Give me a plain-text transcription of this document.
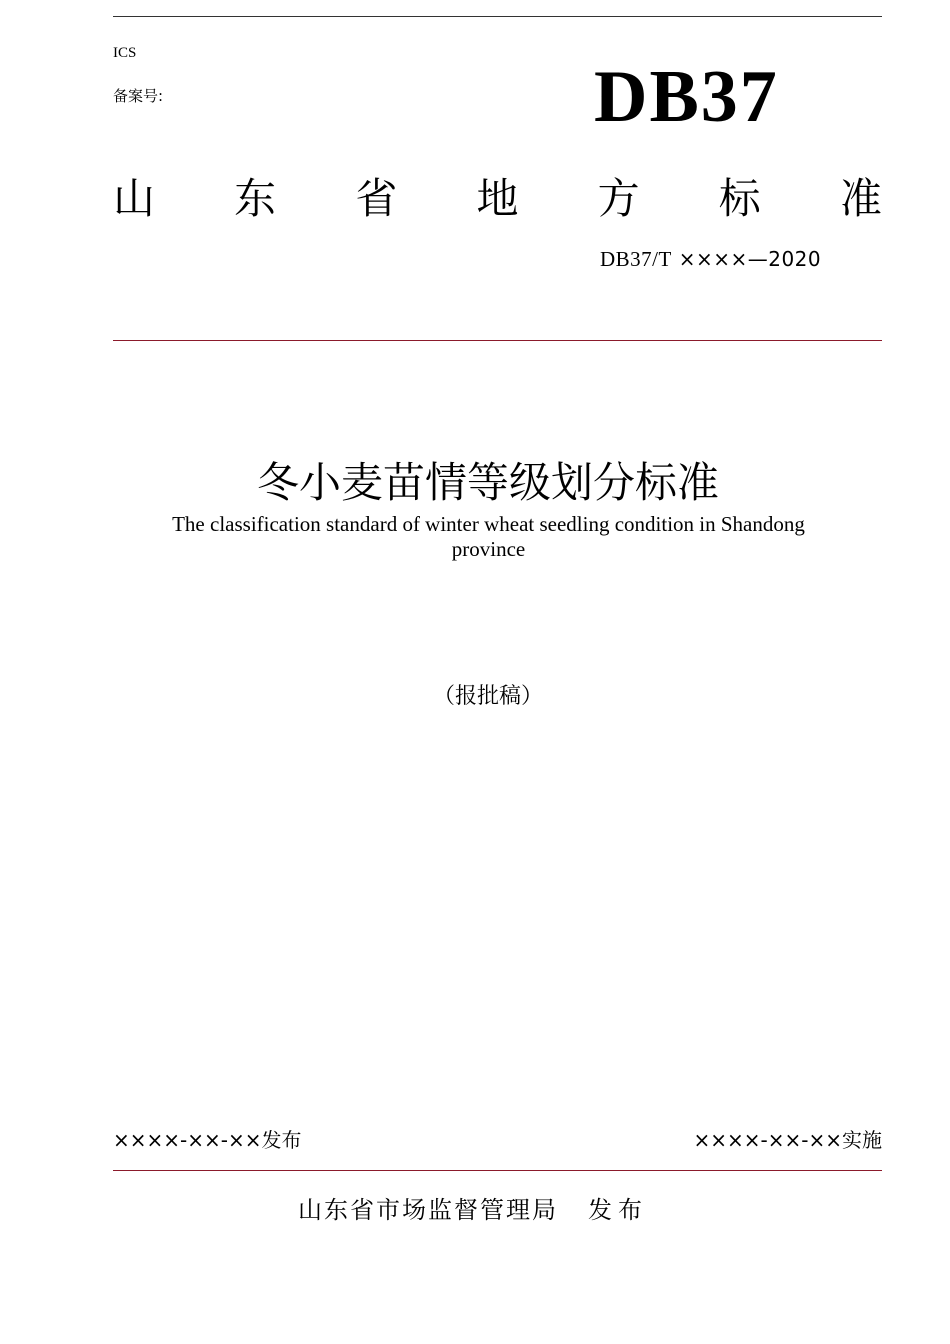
ICS
备案号:	DB37
山 东 省 地 方 标 准
DB37/T ××××—2020
冬小麦苗情等级划分标准
The classification standard of winter wheat seedling condition in Shandong province
（报批稿）
××××-××-××发布	××××-××-××实施
山东省市场监督管理局 发布
